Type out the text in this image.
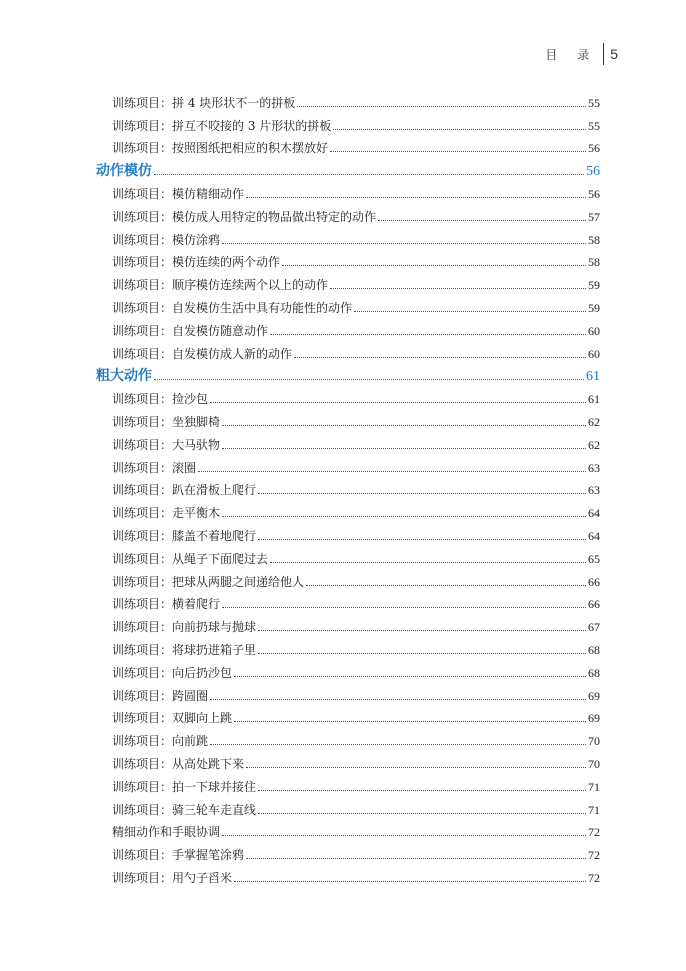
目 录 5
训练项目：拼 4 块形状不一的拼板	55
训练项目：拼互不咬接的 3 片形状的拼板	55
训练项目：按照图纸把相应的积木摆放好	56
动作模仿	56
训练项目：模仿精细动作	56
训练项目：模仿成人用特定的物品做出特定的动作	57
训练项目：模仿涂鸦	58
训练项目：模仿连续的两个动作	58
训练项目：顺序模仿连续两个以上的动作	59
训练项目：自发模仿生活中具有功能性的动作	59
训练项目：自发模仿随意动作	60
训练项目：自发模仿成人新的动作	60
粗大动作	61
训练项目：捡沙包	61
训练项目：坐独脚椅	62
训练项目：大马驮物	62
训练项目：滚圈	63
训练项目：趴在滑板上爬行	63
训练项目：走平衡木	64
训练项目：膝盖不着地爬行	64
训练项目：从绳子下面爬过去	65
训练项目：把球从两腿之间递给他人	66
训练项目：横着爬行	66
训练项目：向前扔球与抛球	67
训练项目：将球扔进箱子里	68
训练项目：向后扔沙包	68
训练项目：跨圆圈	69
训练项目：双脚向上跳	69
训练项目：向前跳	70
训练项目：从高处跳下来	70
训练项目：拍一下球并接住	71
训练项目：骑三轮车走直线	71
精细动作和手眼协调	72
训练项目：手掌握笔涂鸦	72
训练项目：用勺子舀米	72
